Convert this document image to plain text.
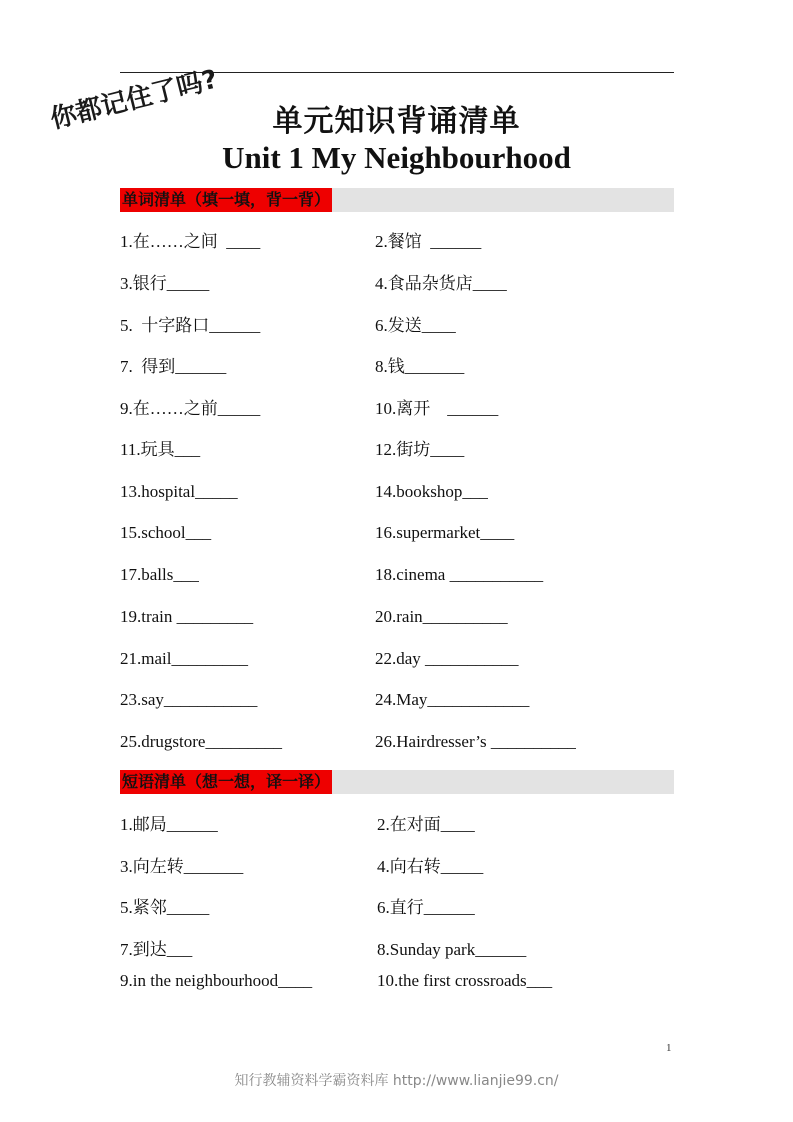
你都记住了吗?	单元知识背诵清单
Unit 1 My Neighbourhood
单词清单（填一填，背一背）
1.在……之间  ____	2.餐馆  ______
3.银行_____	4.食品杂货店____
5.  十字路口______	6.发送____
7.  得到______	8.钱_______
9.在……之前_____	10.离开    ______
11.玩具___	12.街坊____
13.hospital_____	14.bookshop___
15.school___	16.supermarket____
17.balls___	18.cinema ___________
19.train _________	20.rain__________
21.mail_________	22.day ___________
23.say___________	24.May____________
25.drugstore_________	26.Hairdresser’s __________
短语清单（想一想，译一译）
1.邮局______	2.在对面____
3.向左转_______	4.向右转_____
5.紧邻_____	6.直行______
7.到达___	8.Sunday park______
9.in the neighbourhood____	10.the first crossroads___
1
知行教辅资料学霸资料库 http://www.lianjie99.cn/
